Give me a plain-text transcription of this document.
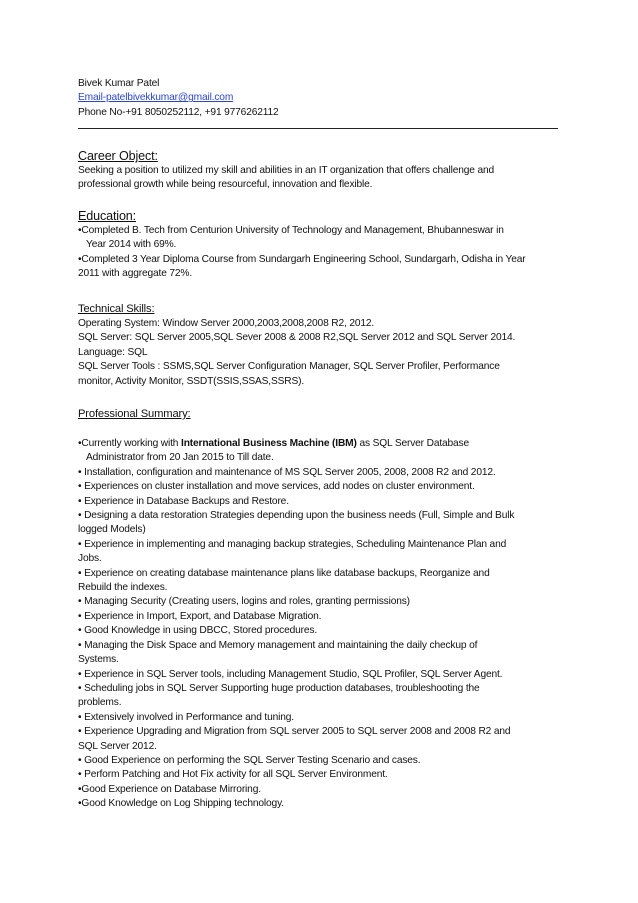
Bivek Kumar Patel
Email-patelbivekkumar@gmail.com
Phone No-+91 8050252112, +91 9776262112
Career Object:
Seeking a position to utilized my skill and abilities in an IT organization that offers challenge and
professional growth while being resourceful, innovation and flexible.
Education:
•Completed B. Tech from Centurion University of Technology and Management, Bhubanneswar in
Year 2014 with 69%.
•Completed 3 Year Diploma Course from Sundargarh Engineering School, Sundargarh, Odisha in Year
2011 with aggregate 72%.
Technical Skills:
Operating System: Window Server 2000,2003,2008,2008 R2, 2012.
SQL Server: SQL Server 2005,SQL Sever 2008 & 2008 R2,SQL Server 2012 and SQL Server 2014.
Language: SQL
SQL Server Tools : SSMS,SQL Server Configuration Manager, SQL Server Profiler, Performance
monitor, Activity Monitor, SSDT(SSIS,SSAS,SSRS).
Professional Summary:
•Currently working with International Business Machine (IBM) as SQL Server Database
Administrator from 20 Jan 2015 to Till date.
• Installation, configuration and maintenance of MS SQL Server 2005, 2008, 2008 R2 and 2012.
• Experiences on cluster installation and move services, add nodes on cluster environment.
• Experience in Database Backups and Restore.
• Designing a data restoration Strategies depending upon the business needs (Full, Simple and Bulk
logged Models)
• Experience in implementing and managing backup strategies, Scheduling Maintenance Plan and
Jobs.
• Experience on creating database maintenance plans like database backups, Reorganize and
Rebuild the indexes.
• Managing Security (Creating users, logins and roles, granting permissions)
• Experience in Import, Export, and Database Migration.
• Good Knowledge in using DBCC, Stored procedures.
• Managing the Disk Space and Memory management and maintaining the daily checkup of
Systems.
• Experience in SQL Server tools, including Management Studio, SQL Profiler, SQL Server Agent.
• Scheduling jobs in SQL Server Supporting huge production databases, troubleshooting the
problems.
• Extensively involved in Performance and tuning.
• Experience Upgrading and Migration from SQL server 2005 to SQL server 2008 and 2008 R2 and
SQL Server 2012.
• Good Experience on performing the SQL Server Testing Scenario and cases.
• Perform Patching and Hot Fix activity for all SQL Server Environment.
•Good Experience on Database Mirroring.
•Good Knowledge on Log Shipping technology.
